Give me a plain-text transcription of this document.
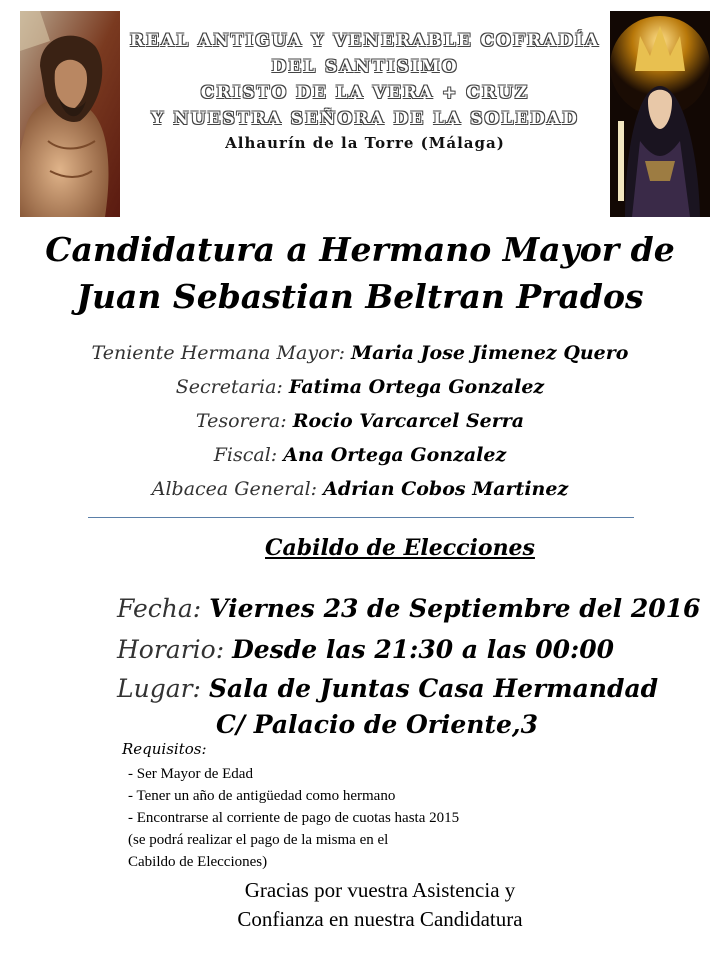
REAL ANTIGUA Y VENERABLE COFRADÍA
DEL SANTISIMO
CRISTO DE LA VERA + CRUZ
Y NUESTRA SEÑORA DE LA SOLEDAD
Alhaurín de la Torre (Málaga)
Candidatura a Hermano Mayor de
Juan Sebastian Beltran Prados
Teniente Hermana Mayor: Maria Jose Jimenez Quero
Secretaria: Fatima Ortega Gonzalez
Tesorera: Rocio Varcarcel Serra
Fiscal: Ana Ortega Gonzalez
Albacea General: Adrian Cobos Martinez
Cabildo de Elecciones
Fecha: Viernes 23 de Septiembre del 2016
Horario: Desde las 21:30 a las 00:00
Lugar: Sala de Juntas Casa Hermandad
C/ Palacio de Oriente,3
Requisitos:
- Ser Mayor de Edad
- Tener un año de antigüedad como hermano
- Encontrarse al corriente de pago de cuotas hasta 2015
(se podrá realizar el pago de la misma en el
Cabildo de Elecciones)
Gracias por vuestra Asistencia y
Confianza en nuestra Candidatura
